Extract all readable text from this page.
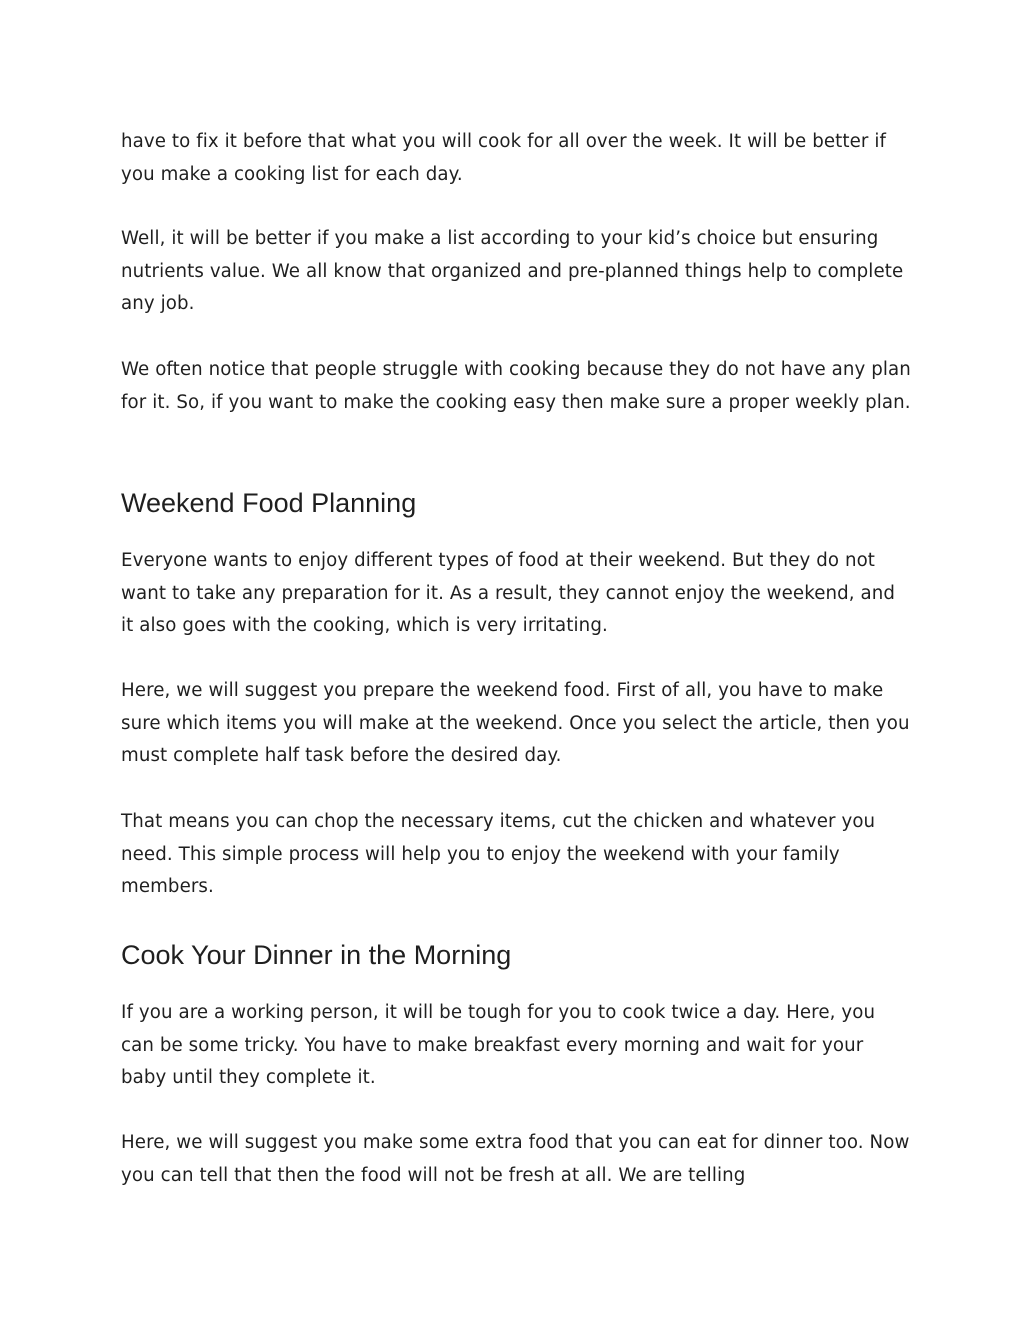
have to fix it before that what you will cook for all over the week. It will be better if you make a cooking list for each day.

Well, it will be better if you make a list according to your kid’s choice but ensuring nutrients value. We all know that organized and pre-planned things help to complete any job.

We often notice that people struggle with cooking because they do not have any plan for it. So, if you want to make the cooking easy then make sure a proper weekly plan.

Weekend Food Planning

Everyone wants to enjoy different types of food at their weekend. But they do not want to take any preparation for it. As a result, they cannot enjoy the weekend, and it also goes with the cooking, which is very irritating.

Here, we will suggest you prepare the weekend food. First of all, you have to make sure which items you will make at the weekend. Once you select the article, then you must complete half task before the desired day.

That means you can chop the necessary items, cut the chicken and whatever you need. This simple process will help you to enjoy the weekend with your family members.

Cook Your Dinner in the Morning

If you are a working person, it will be tough for you to cook twice a day. Here, you can be some tricky. You have to make breakfast every morning and wait for your baby until they complete it.

Here, we will suggest you make some extra food that you can eat for dinner too. Now you can tell that then the food will not be fresh at all. We are telling
